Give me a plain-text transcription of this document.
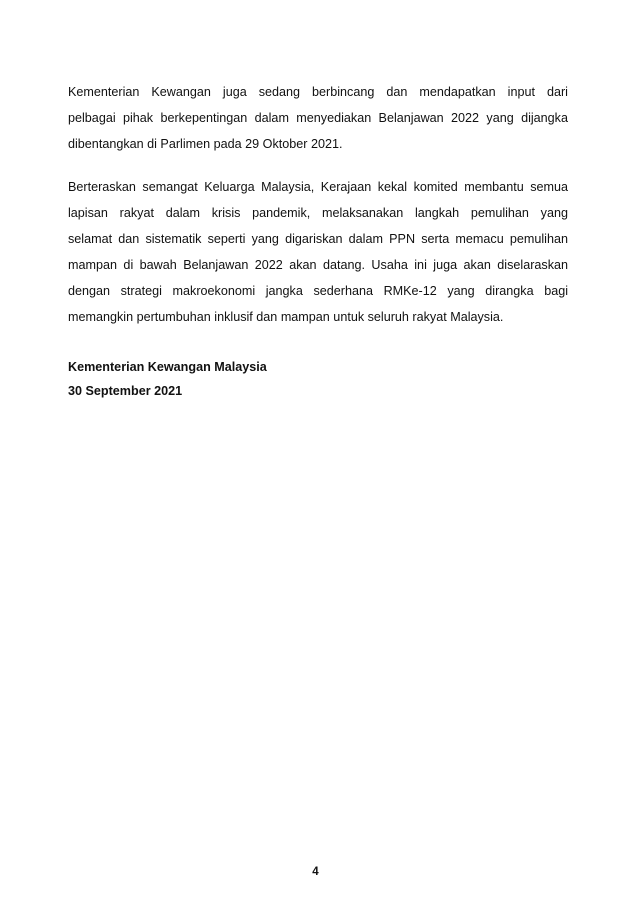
Kementerian Kewangan juga sedang berbincang dan mendapatkan input dari
pelbagai pihak berkepentingan dalam menyediakan Belanjawan 2022 yang dijangka
dibentangkan di Parlimen pada 29 Oktober 2021.

Berteraskan semangat Keluarga Malaysia, Kerajaan kekal komited membantu semua
lapisan rakyat dalam krisis pandemik, melaksanakan langkah pemulihan yang
selamat dan sistematik seperti yang digariskan dalam PPN serta memacu pemulihan
mampan di bawah Belanjawan 2022 akan datang. Usaha ini juga akan diselaraskan
dengan strategi makroekonomi jangka sederhana RMKe-12 yang dirangka bagi
memangkin pertumbuhan inklusif dan mampan untuk seluruh rakyat Malaysia.

Kementerian Kewangan Malaysia
30 September 2021
4
